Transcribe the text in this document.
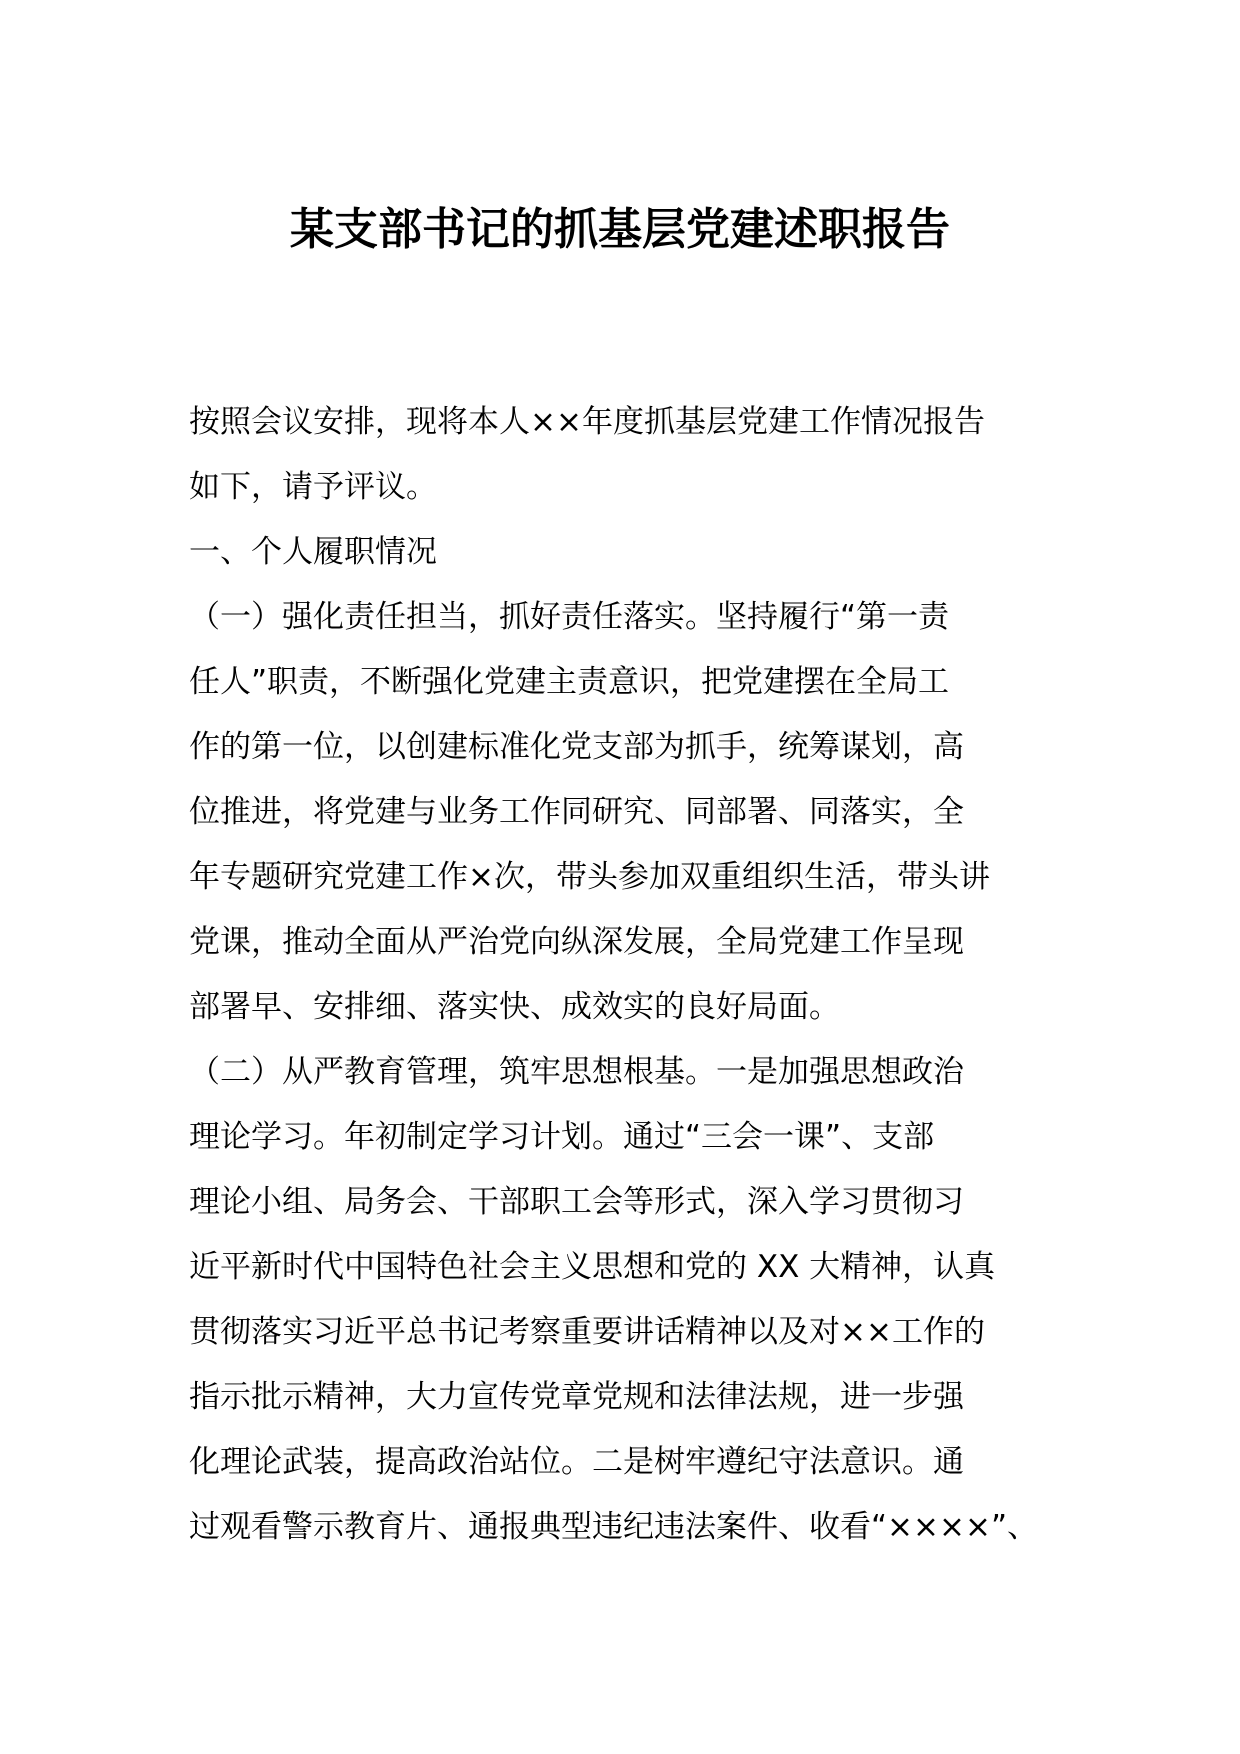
某支部书记的抓基层党建述职报告
按照会议安排，现将本人××年度抓基层党建工作情况报告
如下，请予评议。
一、个人履职情况
（一）强化责任担当，抓好责任落实。坚持履行“第一责
任人”职责，不断强化党建主责意识，把党建摆在全局工
作的第一位，以创建标准化党支部为抓手，统筹谋划，高
位推进，将党建与业务工作同研究、同部署、同落实，全
年专题研究党建工作×次，带头参加双重组织生活，带头讲
党课，推动全面从严治党向纵深发展，全局党建工作呈现
部署早、安排细、落实快、成效实的良好局面。
（二）从严教育管理，筑牢思想根基。一是加强思想政治
理论学习。年初制定学习计划。通过“三会一课”、支部
理论小组、局务会、干部职工会等形式，深入学习贯彻习
近平新时代中国特色社会主义思想和党的 XX 大精神，认真
贯彻落实习近平总书记考察重要讲话精神以及对××工作的
指示批示精神，大力宣传党章党规和法律法规，进一步强
化理论武装，提高政治站位。二是树牢遵纪守法意识。通
过观看警示教育片、通报典型违纪违法案件、收看“××××”、
